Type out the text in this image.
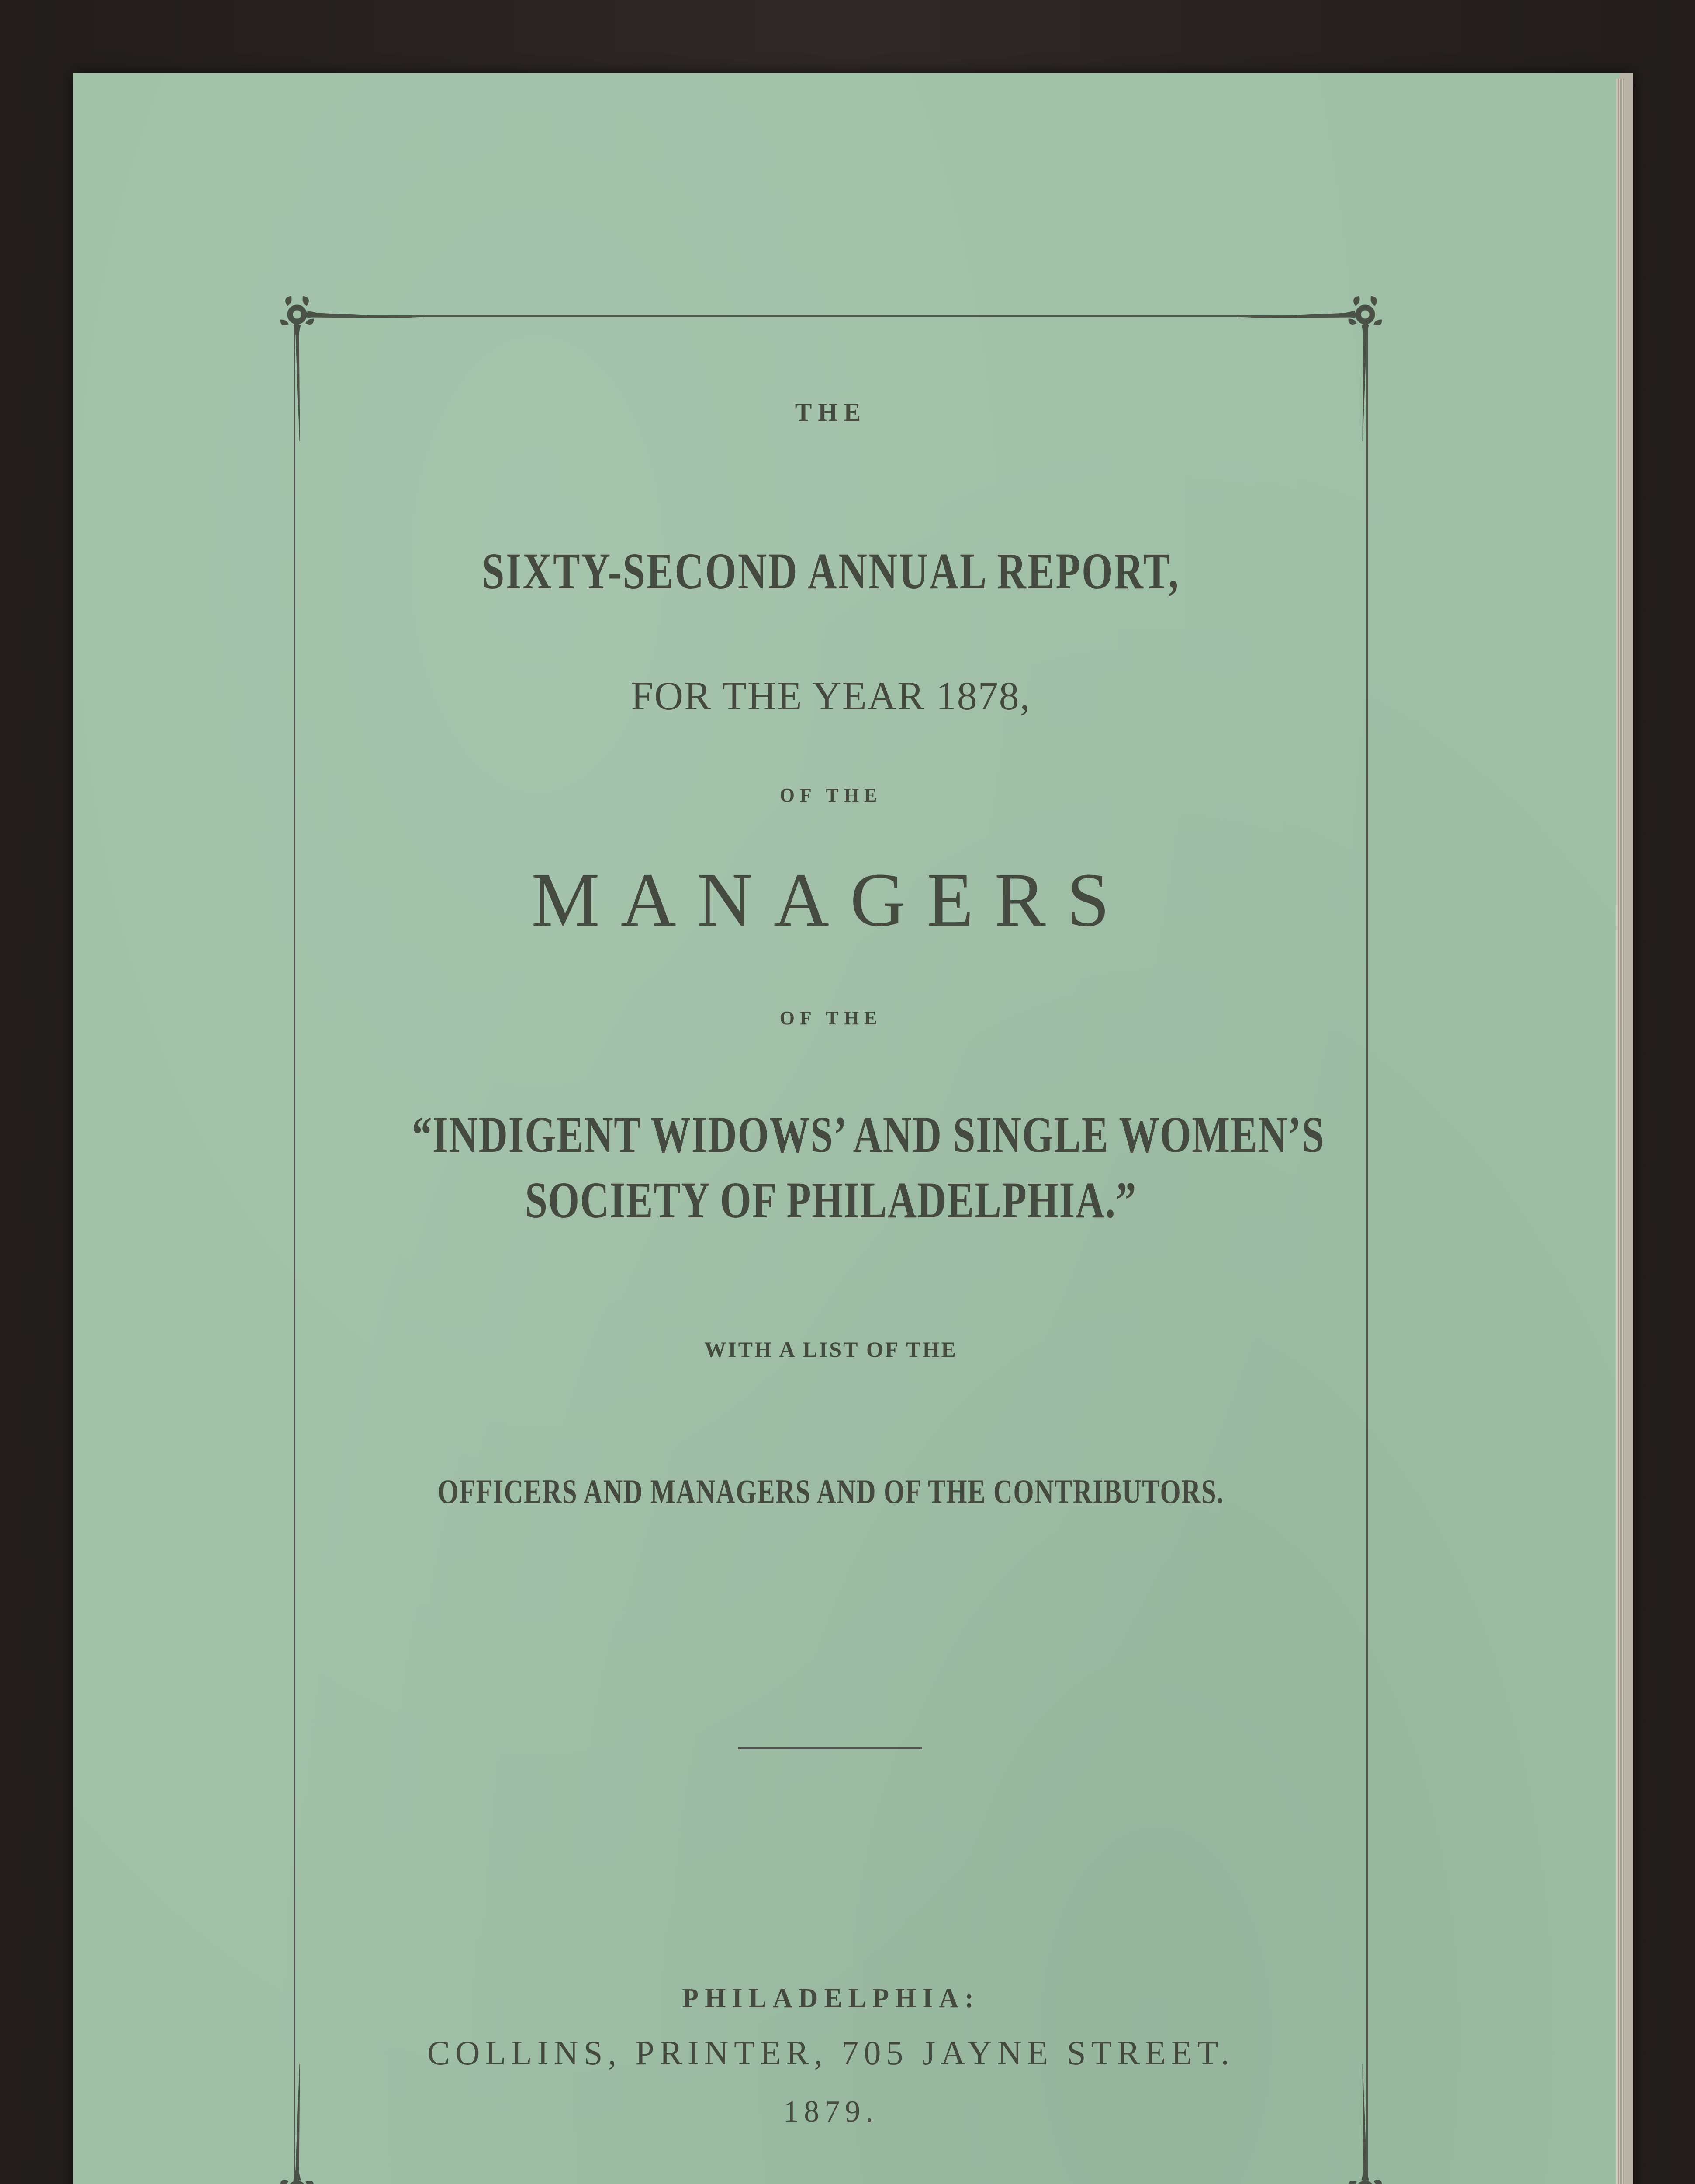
THE

SIXTY-SECOND ANNUAL REPORT,

FOR THE YEAR 1878,

OF THE

MANAGERS

OF THE

“INDIGENT WIDOWS’ AND SINGLE WOMEN’S

SOCIETY OF PHILADELPHIA.”

WITH A LIST OF THE

OFFICERS AND MANAGERS AND OF THE CONTRIBUTORS.

PHILADELPHIA:

COLLINS, PRINTER, 705 JAYNE STREET.

1879.
